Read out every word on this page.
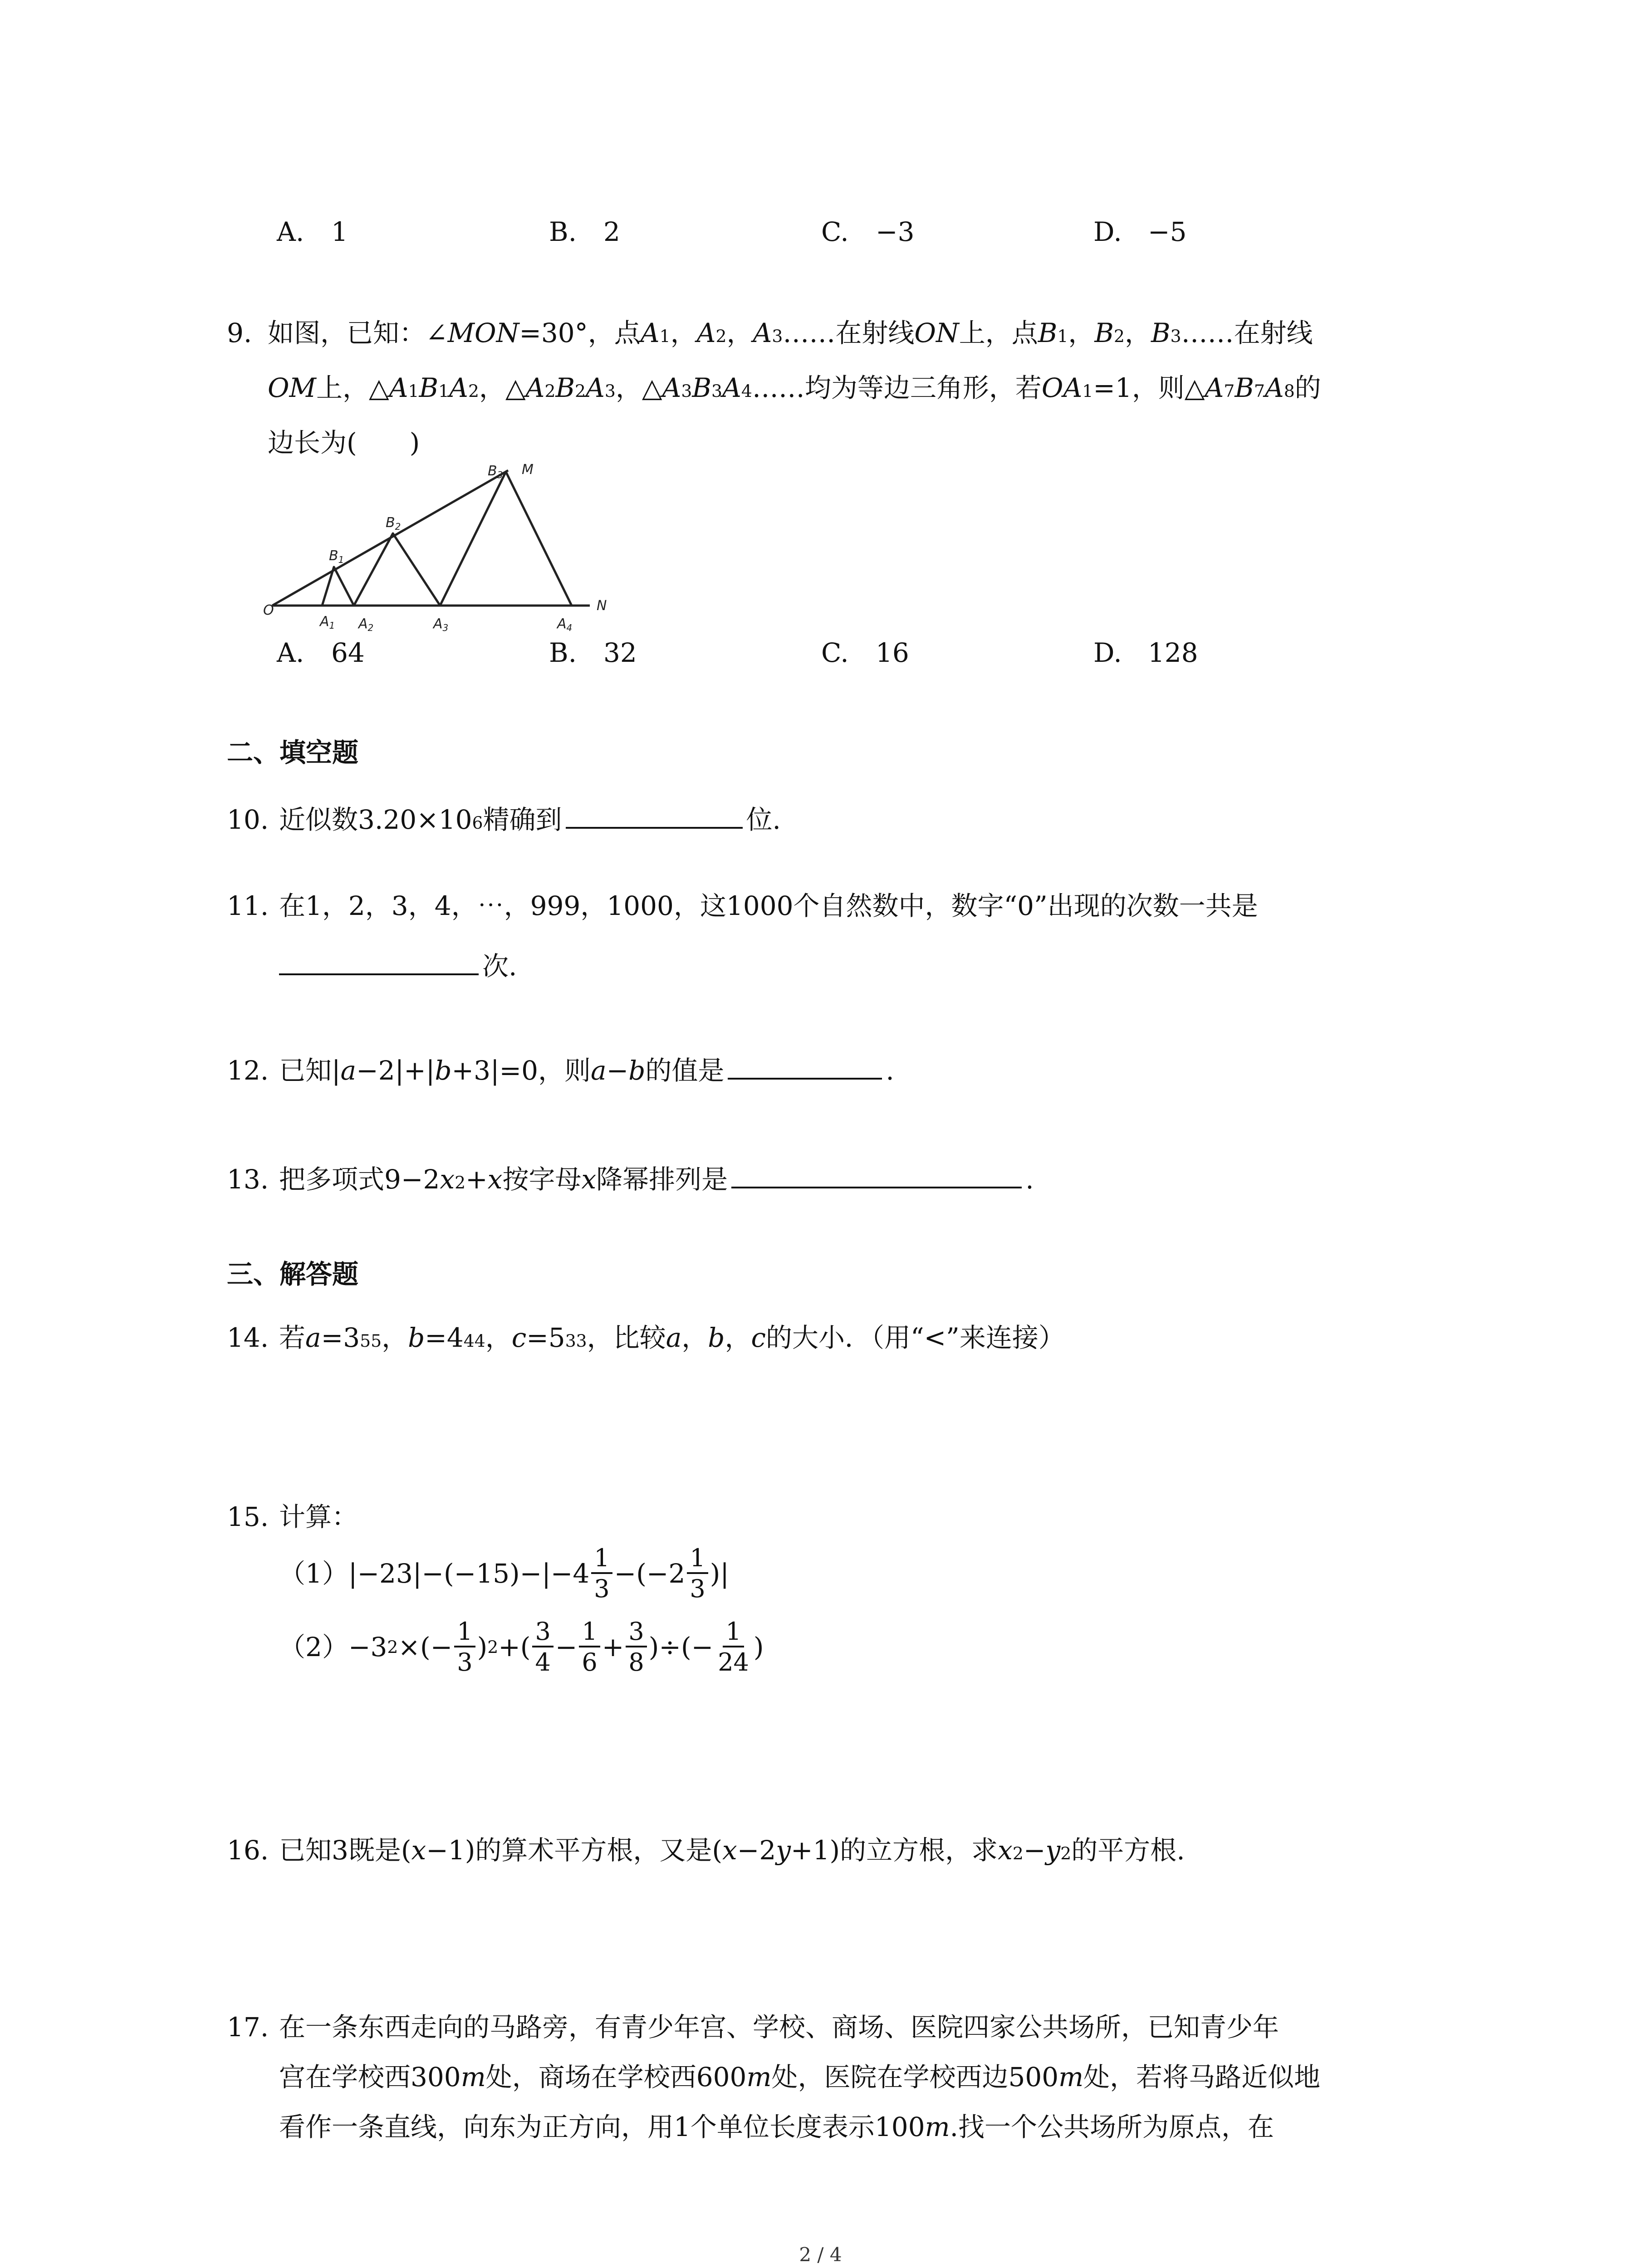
A. 1	B. 2	C. −3	D. −5
9. 如图，已知： ∠ MON =30°，点 A 1 ， A 2 ， A 3 …… 在射线 ON 上，点 B 1 ， B 2 ， B 3 …… 在射线
OM 上， △ A 1 B 1 A 2 ， △ A 2 B 2 A 3 ， △ A 3 B 3 A 4 …… 均为等边三角形，若 OA 1 =1，则 △ A 7 B 7 A 8 的
边长为(　　)
O
M
N
$A_1$ $A_2$	$A_3$	$A_4$
$B_1$
$B_2$
$B_3$
A. 64	B. 32	C. 16	D. 128
二、填空题
10. 近似数3.20×10 6 精确到	位.
11. 在1，2，3，4，⋯，999，1000，这1000个自然数中，数字“0”出现的次数一共是
次.
12. 已知| a −2|+| b +3|=0，则 a − b 的值是	.
13. 把多项式9−2 x 2 + x 按字母 x 降幂排列是	.
三、解答题
14. 若 a =3 55 ， b =4 44 ， c =5 33 ，比较 a ， b ， c 的大小．（用“<”来连接）
15. 计算：
（1） $|-23|-(-15)-|-4 \frac{1}{3} -(-2 \frac{1}{3}$ )|
（2） −3 2 ×(− $\frac{1}{3}$ ) 2 +( $\frac{3}{4} - \frac{1}{6} + \frac{3}{8}$ )÷(− $\frac{1}{24}$ )
16. 已知3既是( x −1)的算术平方根，又是( x −2 y +1)的立方根，求 x 2 − y 2 的平方根.
17. 在一条东西走向的马路旁，有青少年宫、学校、商场、医院四家公共场所，已知青少年
宫在学校西300 m 处，商场在学校西600 m 处，医院在学校西边500 m 处，若将马路近似地
看作一条直线，向东为正方向，用1个单位长度表示100 m .找一个公共场所为原点，在
2 / 4
